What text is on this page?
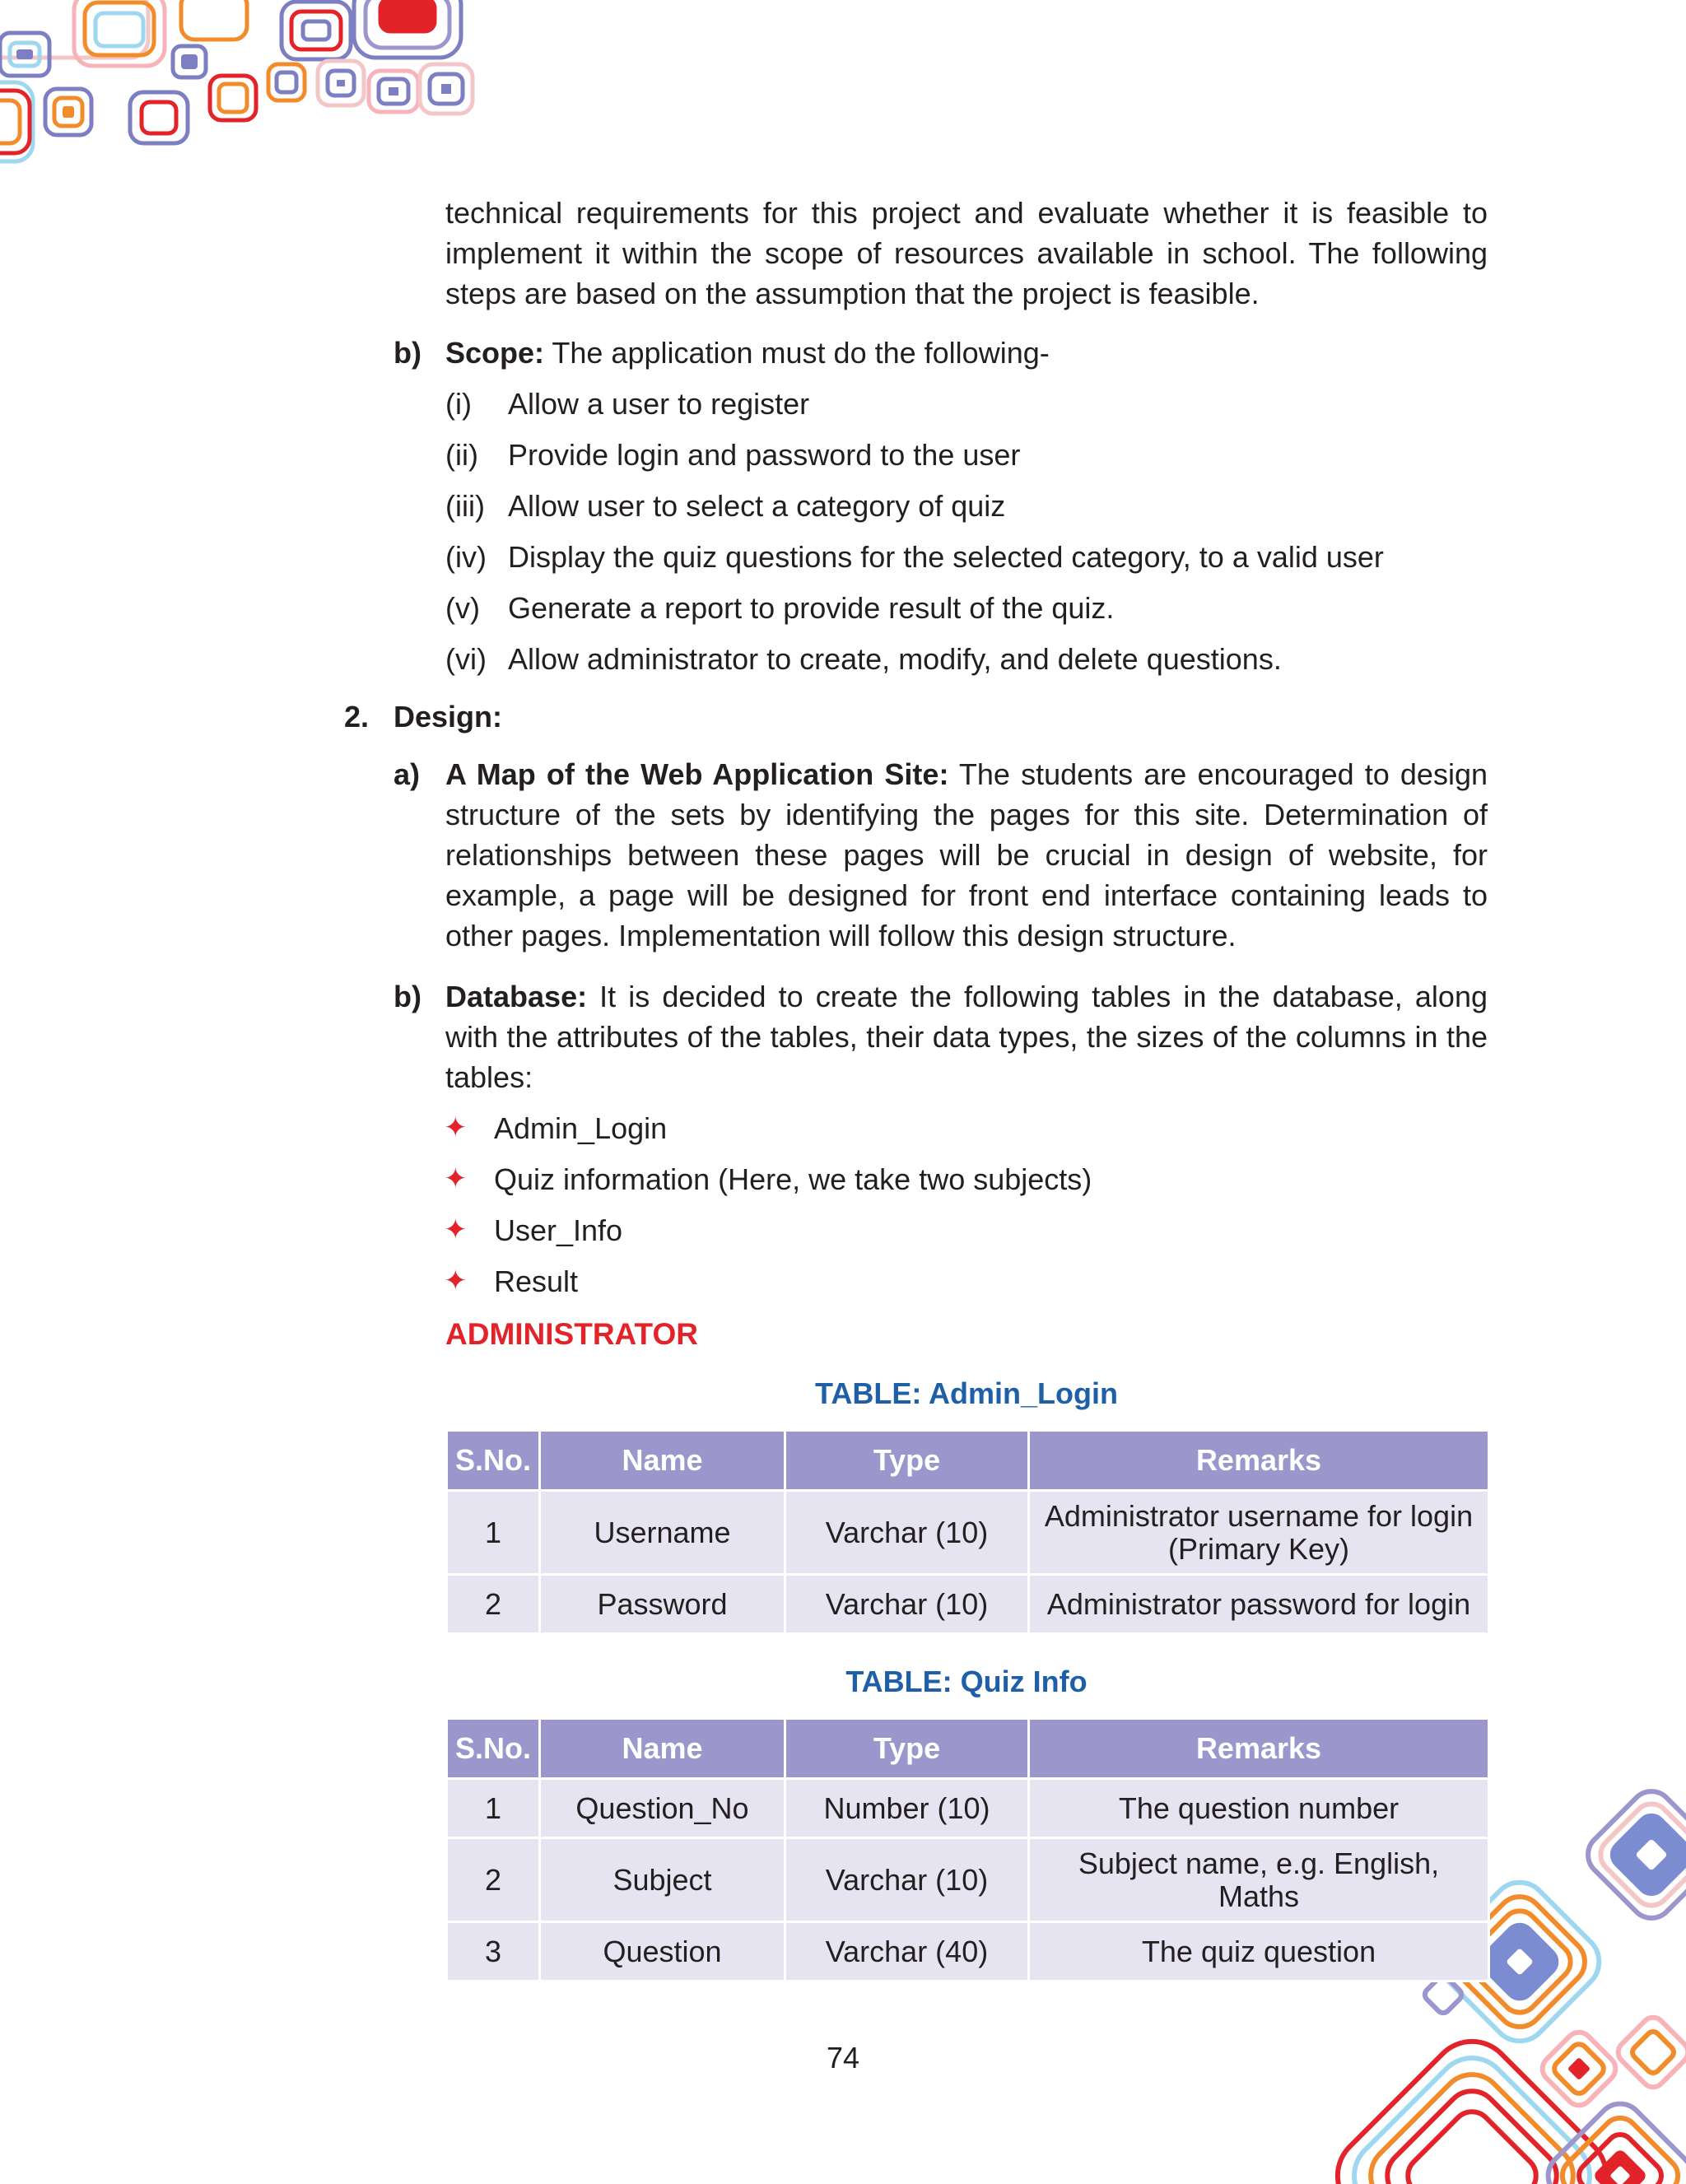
technical requirements for this project and evaluate whether it is feasible to implement it within the scope of resources available in school. The following steps are based on the assumption that the project is feasible.
b) Scope: The application must do the following-
(i) Allow a user to register
(ii) Provide login and password to the user
(iii) Allow user to select a category of quiz
(iv) Display the quiz questions for the selected category, to a valid user
(v) Generate a report to provide result of the quiz.
(vi) Allow administrator to create, modify, and delete questions.
2. Design:
a) A Map of the Web Application Site: The students are encouraged to design structure of the sets by identifying the pages for this site. Determination of relationships between these pages will be crucial in design of website, for example, a page will be designed for front end interface containing leads to other pages. Implementation will follow this design structure.
b) Database: It is decided to create the following tables in the database, along with the attributes of the tables, their data types, the sizes of the columns in the tables:
✦ Admin_Login
✦ Quiz information (Here, we take two subjects)
✦ User_Info
✦ Result
ADMINISTRATOR
TABLE: Admin_Login
S.No.	Name	Type	Remarks
1	Username	Varchar (10)	Administrator username for login (Primary Key)
2	Password	Varchar (10)	Administrator password for login
TABLE: Quiz Info
S.No.	Name	Type	Remarks
1	Question_No	Number (10)	The question number
2	Subject	Varchar (10)	Subject name, e.g. English, Maths
3	Question	Varchar (40)	The quiz question
74
